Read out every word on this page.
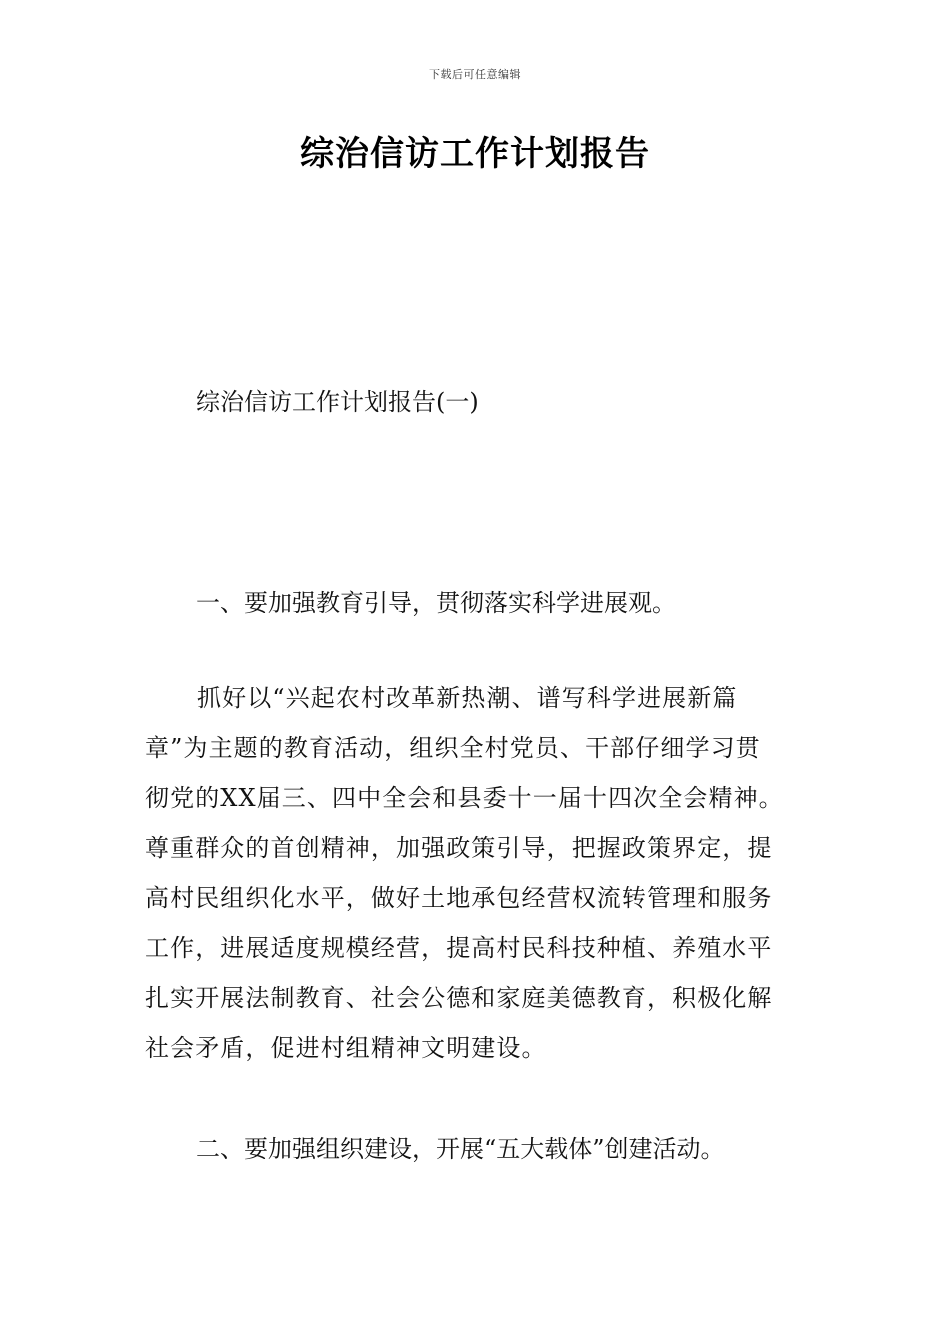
下载后可任意编辑
综治信访工作计划报告
综治信访工作计划报告(一)
一、要加强教育引导，贯彻落实科学进展观。
抓好以“兴起农村改革新热潮、谱写科学进展新篇
章”为主题的教育活动，组织全村党员、干部仔细学习贯
彻党的XX届三、四中全会和县委十一届十四次全会精神。
尊重群众的首创精神，加强政策引导，把握政策界定，提
高村民组织化水平，做好土地承包经营权流转管理和服务
工作，进展适度规模经营，提高村民科技种植、养殖水平
扎实开展法制教育、社会公德和家庭美德教育，积极化解
社会矛盾，促进村组精神文明建设。
二、要加强组织建设，开展“五大载体”创建活动。
